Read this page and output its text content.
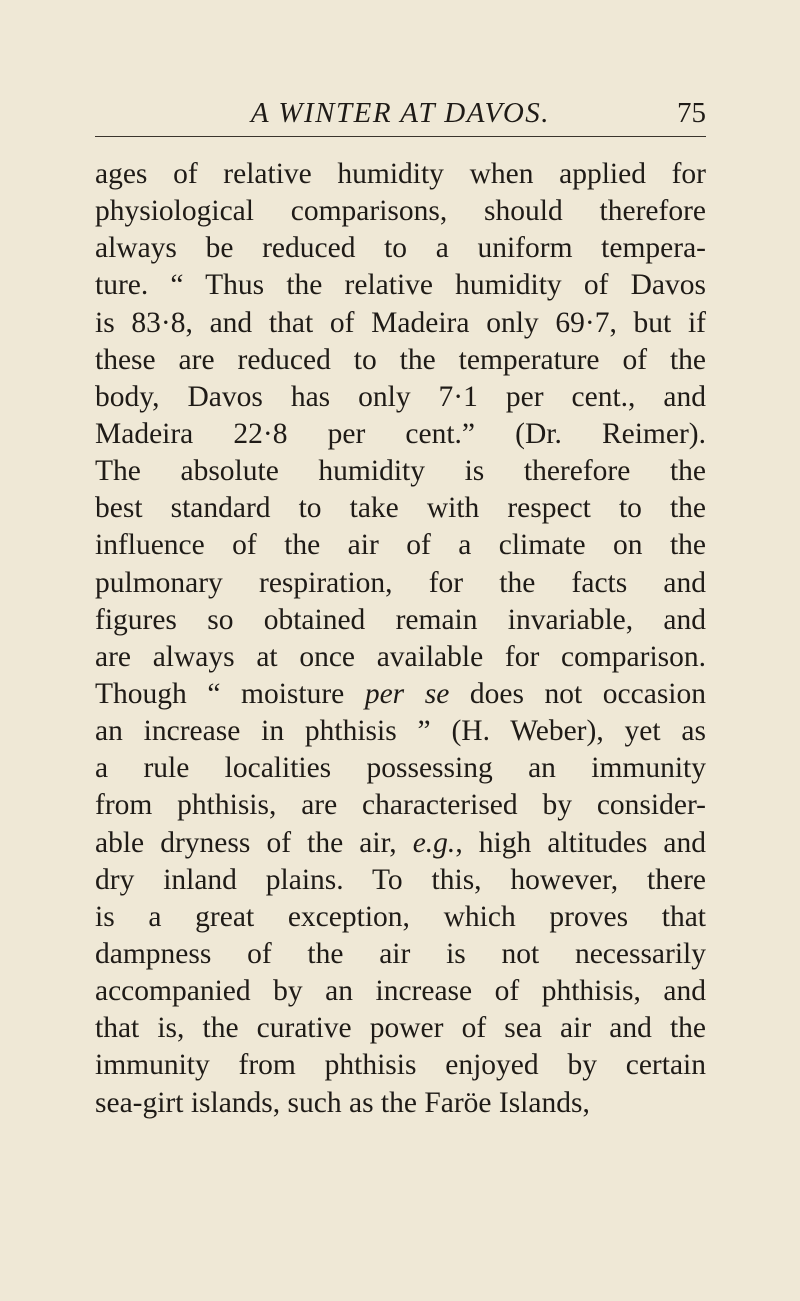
A WINTER AT DAVOS.	75
ages of relative humidity when applied for
physiological comparisons, should therefore
always be reduced to a uniform tempera-
ture. “ Thus the relative humidity of Davos
is 83·8, and that of Madeira only 69·7, but if
these are reduced to the temperature of the
body, Davos has only 7·1 per cent., and
Madeira 22·8 per cent.” (Dr. Reimer).
The absolute humidity is therefore the
best standard to take with respect to the
influence of the air of a climate on the
pulmonary respiration, for the facts and
figures so obtained remain invariable, and
are always at once available for comparison.
Though “ moisture per se does not occasion
an increase in phthisis ” (H. Weber), yet as
a rule localities possessing an immunity
from phthisis, are characterised by consider-
able dryness of the air, e.g., high altitudes and
dry inland plains. To this, however, there
is a great exception, which proves that
dampness of the air is not necessarily
accompanied by an increase of phthisis, and
that is, the curative power of sea air and the
immunity from phthisis enjoyed by certain
sea-girt islands, such as the Faröe Islands,
